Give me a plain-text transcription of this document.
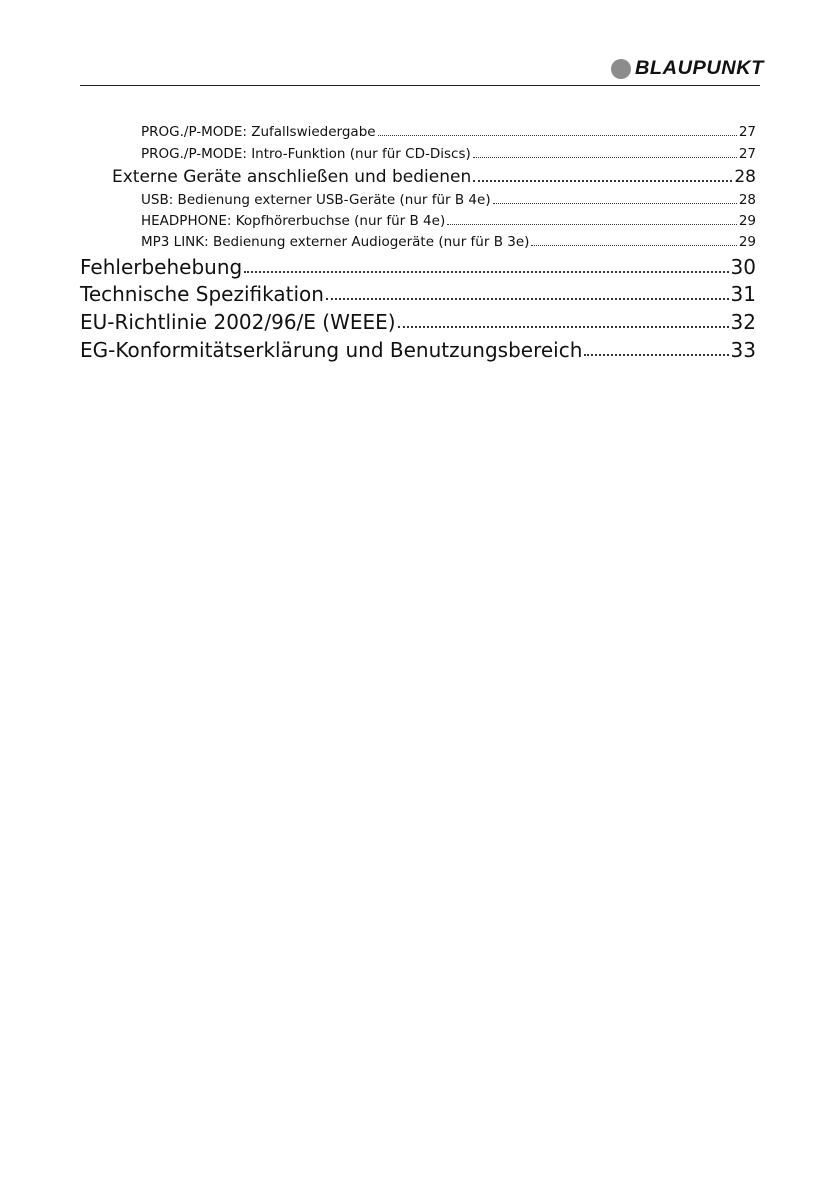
BLAUPUNKT
PROG./P-MODE: Zufallswiedergabe	27
PROG./P-MODE: Intro-Funktion (nur für CD-Discs)	27
Externe Geräte anschließen und bedienen	28
USB: Bedienung externer USB-Geräte (nur für B 4e)	28
HEADPHONE: Kopfhörerbuchse (nur für B 4e)	29
MP3 LINK: Bedienung externer Audiogeräte (nur für B 3e)	29
Fehlerbehebung	30
Technische Spezifikation	31
EU-Richtlinie 2002/96/E (WEEE)	32
EG-Konformitätserklärung und Benutzungsbereich	33
